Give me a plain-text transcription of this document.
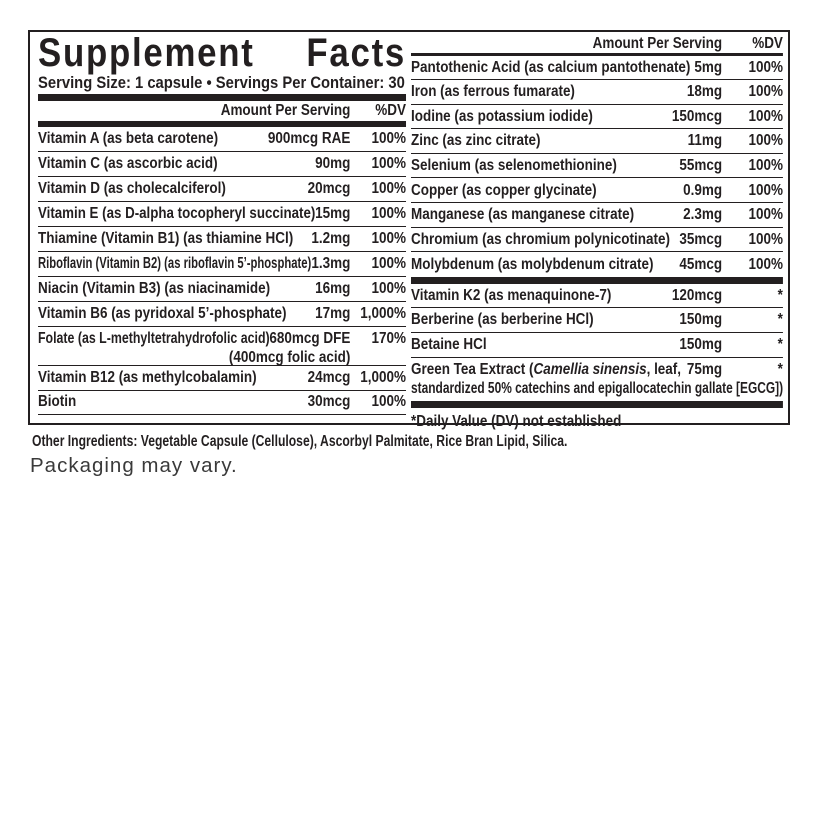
Supplement Facts
Serving Size: 1 capsule • Servings Per Container: 30
Amount Per Serving	%DV
Vitamin A (as beta carotene)	900mcg RAE	100%
Vitamin C (as ascorbic acid)	90mg	100%
Vitamin D (as cholecalciferol)	20mcg	100%
Vitamin E (as D-alpha tocopheryl succinate) 15mg	100%
Thiamine (Vitamin B1) (as thiamine HCl)	1.2mg	100%
Riboflavin (Vitamin B2) (as riboflavin 5’-phosphate) 1.3mg	100%
Niacin (Vitamin B3) (as niacinamide)	16mg	100%
Vitamin B6 (as pyridoxal 5’-phosphate)	17mg 1,000%
Folate (as L-methyltetrahydrofolic acid) 680mcg DFE	170%
(400mcg folic acid)
Vitamin B12 (as methylcobalamin)	24mcg 1,000%
Biotin	30mcg	100%
Amount Per Serving	%DV
Pantothenic Acid (as calcium pantothenate) 5mg	100%
Iron (as ferrous fumarate)	18mg	100%
Iodine (as potassium iodide)	150mcg	100%
Zinc (as zinc citrate)	11mg	100%
Selenium (as selenomethionine)	55mcg	100%
Copper (as copper glycinate)	0.9mg	100%
Manganese (as manganese citrate)	2.3mg	100%
Chromium (as chromium polynicotinate) 35mcg	100%
Molybdenum (as molybdenum citrate)	45mcg	100%
Vitamin K2 (as menaquinone-7)	120mcg	*
Berberine (as berberine HCl)	150mg	*
Betaine HCl	150mg	*
Green Tea Extract (Camellia sinensis, leaf, 75mg	*
standardized 50% catechins and epigallocatechin gallate [EGCG])
*Daily Value (DV) not established
Other Ingredients: Vegetable Capsule (Cellulose), Ascorbyl Palmitate, Rice Bran Lipid, Silica.
Packaging may vary.
